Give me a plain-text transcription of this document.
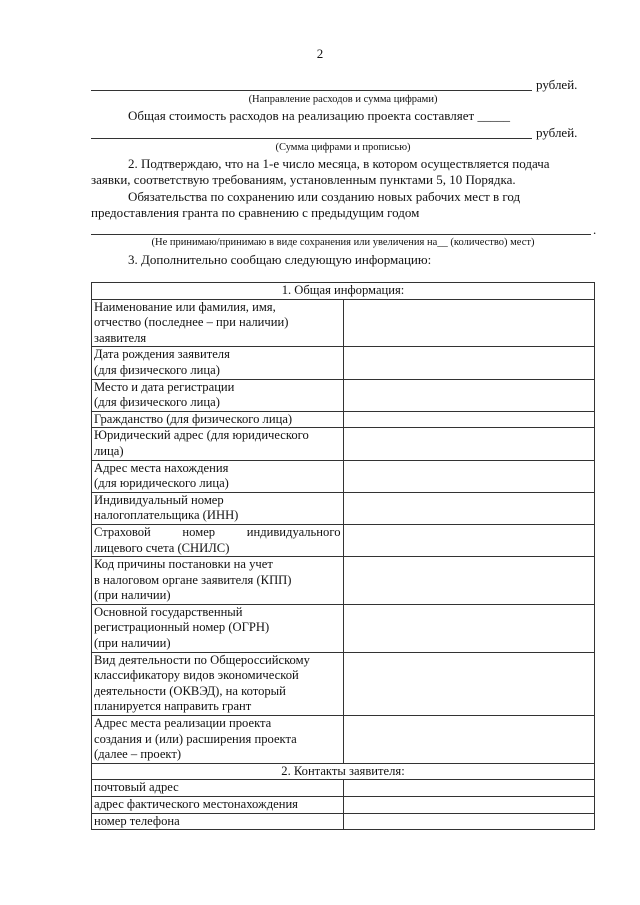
2
рублей.
(Направление расходов и сумма цифрами)
Общая стоимость расходов на реализацию проекта составляет _____
рублей.
(Сумма цифрами и прописью)
2. Подтверждаю, что на 1-е число месяца, в котором осуществляется подача
заявки, соответствую требованиям, установленным пунктами 5, 10 Порядка.
Обязательства по сохранению или созданию новых рабочих мест в год
предоставления гранта по сравнению с предыдущим годом
.
(Не принимаю/принимаю в виде сохранения или увеличения на__ (количество) мест)
3. Дополнительно сообщаю следующую информацию:
1. Общая информация:	

Наименование или фамилия, имя,
отчество (последнее – при наличии)
заявителя	

Дата рождения заявителя
(для физического лица)	

Место и дата регистрации
(для физического лица)	

Гражданство (для физического лица)	

Юридический адрес (для юридического
лица)	

Адрес места нахождения
(для юридического лица)	

Индивидуальный номер
налогоплательщика (ИНН)	

Страховой номер индивидуального
лицевого счета (СНИЛС)	

Код причины постановки на учет
в налоговом органе заявителя (КПП)
(при наличии)	

Основной государственный
регистрационный номер (ОГРН)
(при наличии)	

Вид деятельности по Общероссийскому
классификатору видов экономической
деятельности (ОКВЭД), на который
планируется направить грант	

Адрес места реализации проекта
создания и (или) расширения проекта
(далее – проект)	

2. Контакты заявителя:	

почтовый адрес	

адрес фактического местонахождения	

номер телефона	
